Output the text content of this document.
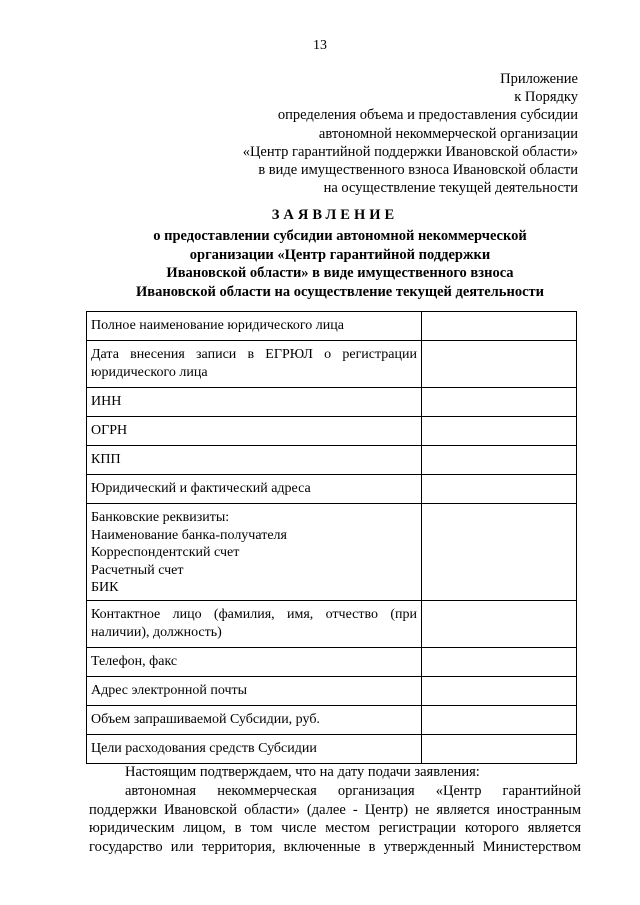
13
Приложение
к Порядку
определения объема и предоставления субсидии
автономной некоммерческой организации
«Центр гарантийной поддержки Ивановской области»
в виде имущественного взноса Ивановской области
на осуществление текущей деятельности
ЗАЯВЛЕНИЕ
о предоставлении субсидии автономной некоммерческой
организации «Центр гарантийной поддержки
Ивановской области» в виде имущественного взноса
Ивановской области на осуществление текущей деятельности
Полное наименование юридического лица	

Дата внесения записи в ЕГРЮЛ о регистрации
юридического лица	

ИНН	

ОГРН	

КПП	

Юридический и фактический адреса	

Банковские реквизиты:
Наименование банка-получателя
Корреспондентский счет
Расчетный счет
БИК	

Контактное лицо (фамилия, имя, отчество (при
наличии), должность)	

Телефон, факс	

Адрес электронной почты	

Объем запрашиваемой Субсидии, руб.	

Цели расходования средств Субсидии	

Настоящим подтверждаем, что на дату подачи заявления:

автономная некоммерческая организация «Центр гарантийной

поддержки Ивановской области» (далее - Центр) не является иностранным

юридическим лицом, в том числе местом регистрации которого является

государство или территория, включенные в утвержденный Министерством
